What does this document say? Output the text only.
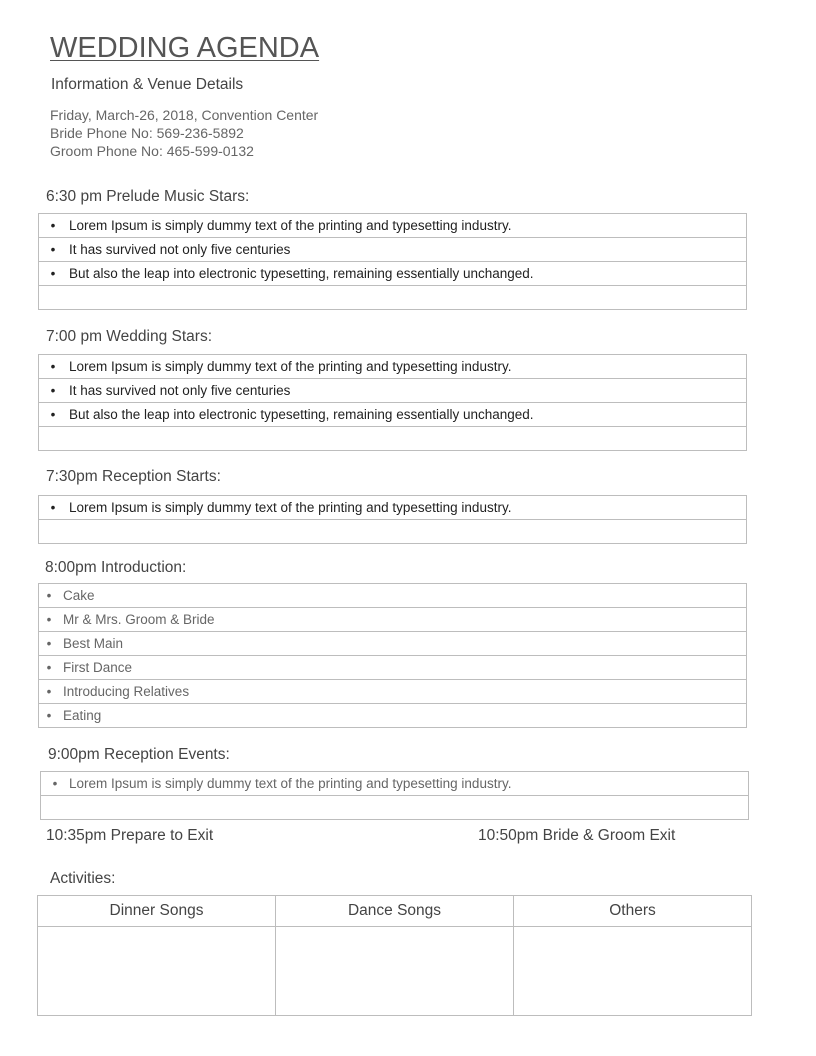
WEDDING AGENDA
Information & Venue Details
Friday, March-26, 2018, Convention Center
Bride Phone No: 569-236-5892
Groom Phone No: 465-599-0132
6:30 pm Prelude Music Stars:
• Lorem Ipsum is simply dummy text of the printing and typesetting industry.
• It has survived not only five centuries
• But also the leap into electronic typesetting, remaining essentially unchanged.

7:00 pm Wedding Stars:
• Lorem Ipsum is simply dummy text of the printing and typesetting industry.
• It has survived not only five centuries
• But also the leap into electronic typesetting, remaining essentially unchanged.

7:30pm Reception Starts:
• Lorem Ipsum is simply dummy text of the printing and typesetting industry.

8:00pm Introduction:
• Cake
• Mr & Mrs. Groom & Bride
• Best Main
• First Dance
• Introducing Relatives
• Eating
9:00pm Reception Events:
• Lorem Ipsum is simply dummy text of the printing and typesetting industry.

10:35pm Prepare to Exit	10:50pm Bride & Groom Exit
Activities:
Dinner Songs	Dance Songs	Others
